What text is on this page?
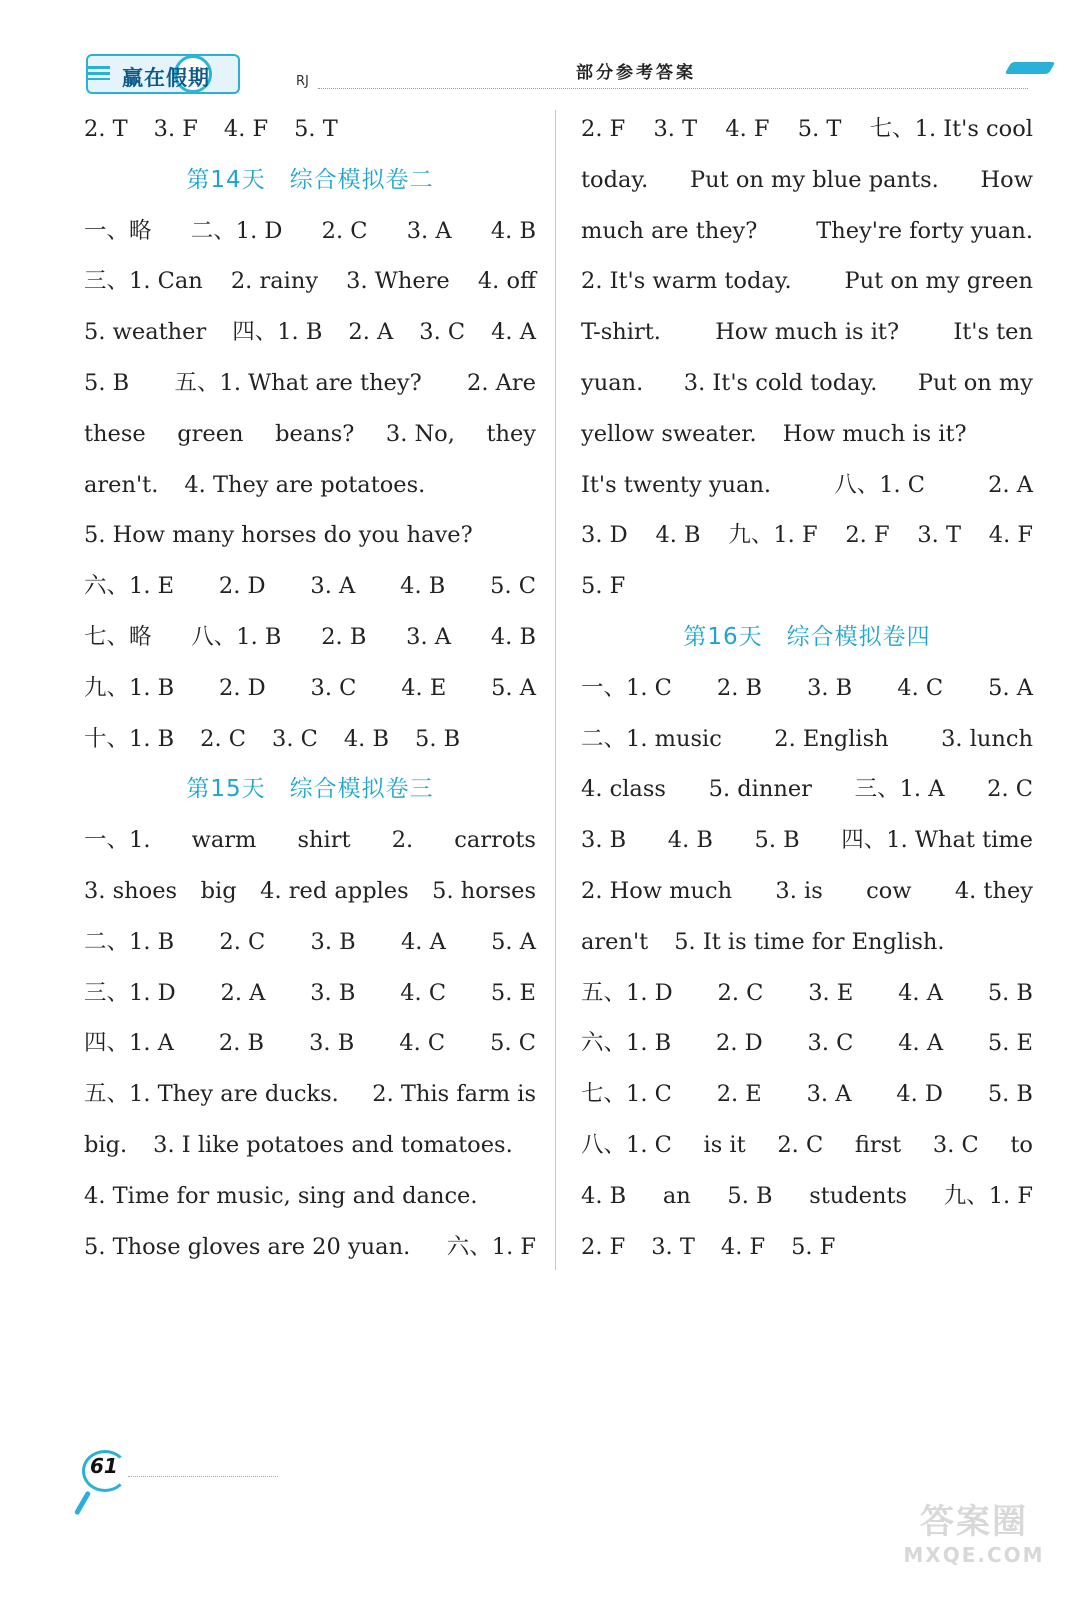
赢在假期	RJ	部分参考答案
2. T 3. F 4. F 5. T
第14天　综合模拟卷二
一、略 二、1. D 2. C 3. A 4. B
三、1. Can 2. rainy 3. Where 4. off
5. weather 四、1. B 2. A 3. C 4. A
5. B 五、1. What are they? 2. Are
these green beans? 3. No, they
aren't. 4. They are potatoes.
5. How many horses do you have?
六、1. E 2. D 3. A 4. B 5. C
七、略 八、1. B 2. B 3. A 4. B
九、1. B 2. D 3. C 4. E 5. A
十、1. B 2. C 3. C 4. B 5. B
第15天　综合模拟卷三
一、1. warm shirt 2. carrots
3. shoes big 4. red apples 5. horses
二、1. B 2. C 3. B 4. A 5. A
三、1. D 2. A 3. B 4. C 5. E
四、1. A 2. B 3. B 4. C 5. C
五、1. They are ducks. 2. This farm is
big. 3. I like potatoes and tomatoes.
4. Time for music, sing and dance.
5. Those gloves are 20 yuan. 六、1. F
2. F 3. T 4. F 5. T 七、1. It's cool
today. Put on my blue pants. How
much are they?	They're forty yuan.
2. It's warm today. Put on my green
T-shirt. How much is it? It's ten
yuan. 3. It's cold today. Put on my
yellow sweater. How much is it?
It's twenty yuan.	八、1. C	2. A
3. D 4. B 九、1. F 2. F 3. T 4. F
5. F
第16天　综合模拟卷四
一、1. C 2. B 3. B 4. C 5. A
二、1. music 2. English 3. lunch
4. class 5. dinner 三、1. A 2. C
3. B 4. B 5. B 四、1. What time
2. How much 3. is cow 4. they
aren't 5. It is time for English.
五、1. D 2. C 3. E 4. A 5. B
六、1. B 2. D 3. C 4. A 5. E
七、1. C 2. E 3. A 4. D 5. B
八、1. C is it 2. C first 3. C to
4. B an 5. B students 九、1. F
2. F 3. T 4. F 5. F
61
答案圈
MXQE.COM
